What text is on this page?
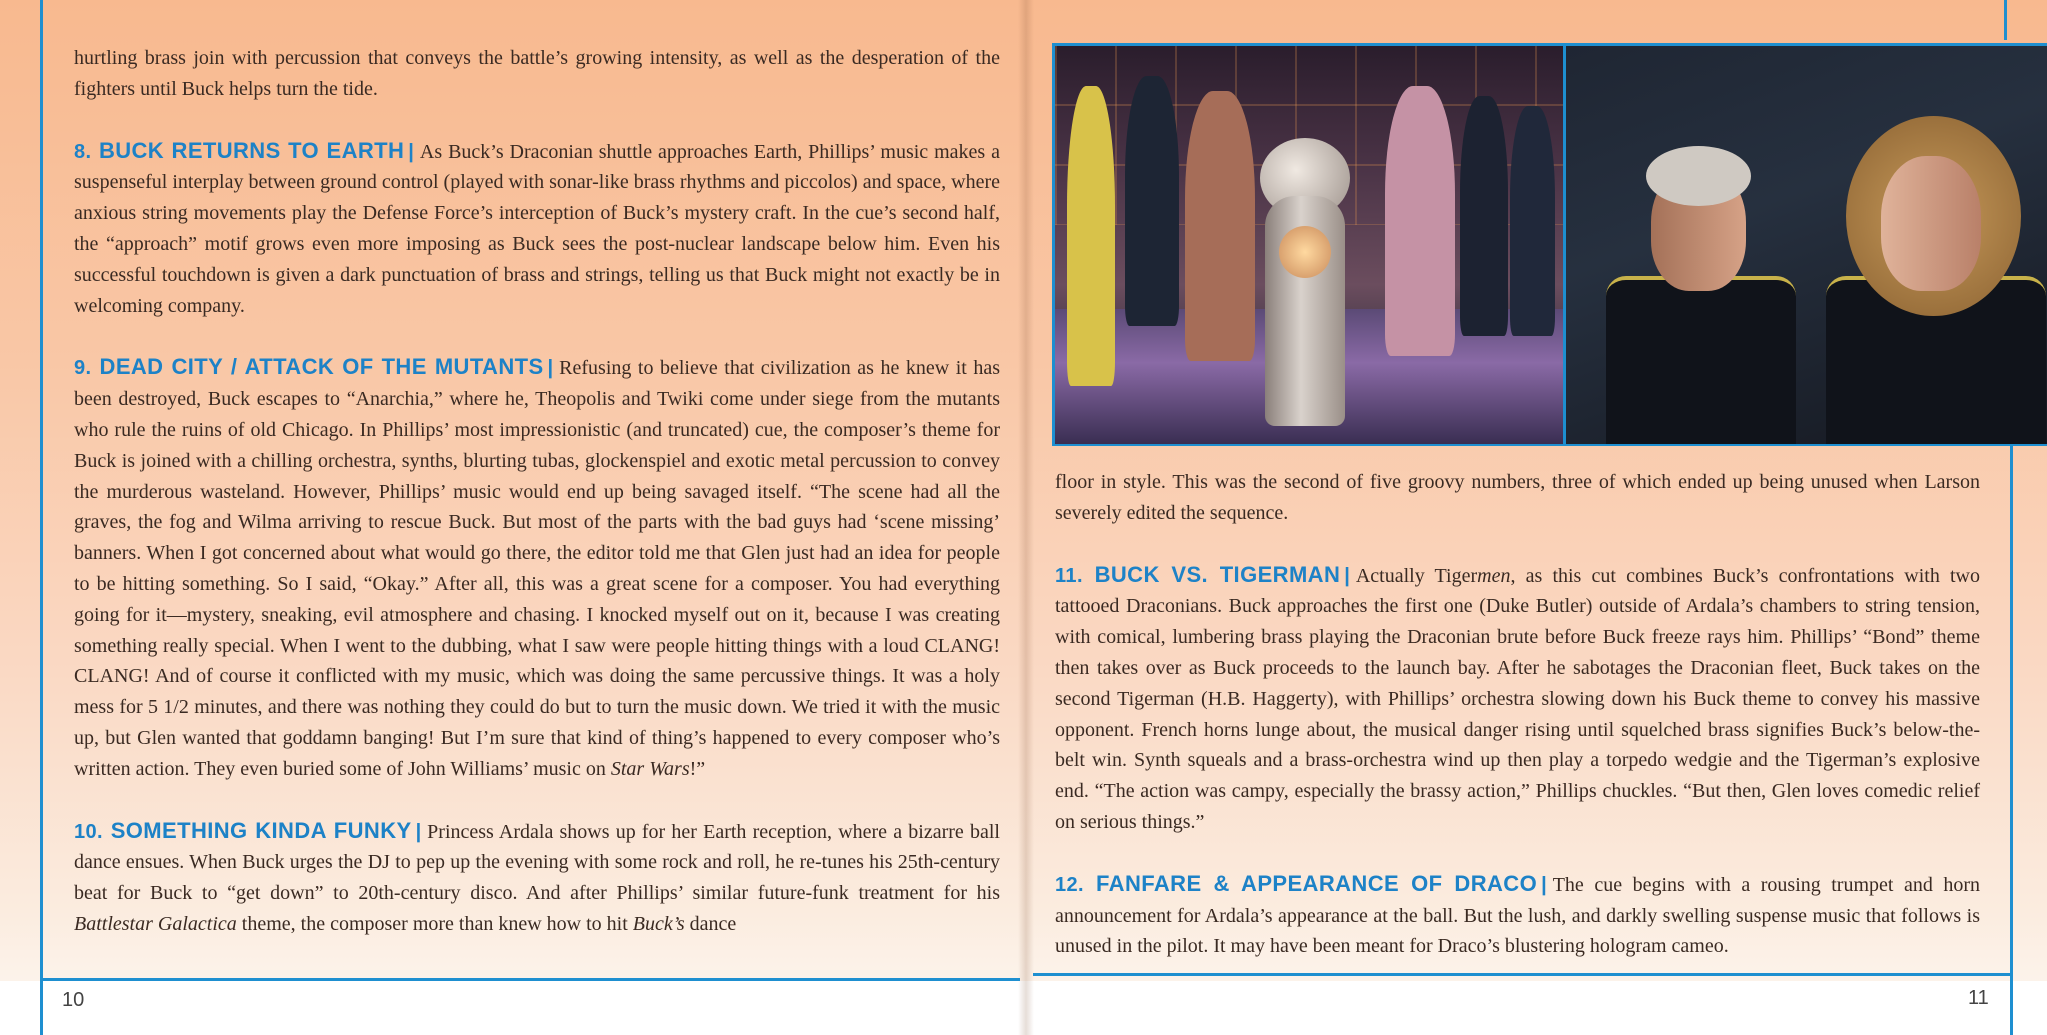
hurtling brass join with percussion that conveys the battle’s growing intensity, as well as the desperation of the fighters until Buck helps turn the tide.

8. BUCK RETURNS TO EARTH | As Buck’s Draconian shuttle approaches Earth, Phillips’ music makes a suspenseful interplay between ground control (played with sonar-like brass rhythms and piccolos) and space, where anxious string movements play the Defense Force’s interception of Buck’s mystery craft. In the cue’s second half, the “approach” motif grows even more imposing as Buck sees the post-nuclear landscape below him. Even his successful touchdown is given a dark punctuation of brass and strings, telling us that Buck might not exactly be in welcoming company.

9. DEAD CITY / ATTACK OF THE MUTANTS | Refusing to believe that civilization as he knew it has been destroyed, Buck escapes to “Anarchia,” where he, Theopolis and Twiki come under siege from the mutants who rule the ruins of old Chicago. In Phillips’ most impressionistic (and truncated) cue, the composer’s theme for Buck is joined with a chilling orchestra, synths, blurting tubas, glockenspiel and exotic metal percussion to convey the murderous wasteland. However, Phillips’ music would end up being savaged itself. “The scene had all the graves, the fog and Wilma arriving to rescue Buck. But most of the parts with the bad guys had ‘scene missing’ banners. When I got concerned about what would go there, the editor told me that Glen just had an idea for people to be hitting something. So I said, “Okay.” After all, this was a great scene for a composer. You had everything going for it—mystery, sneaking, evil atmosphere and chasing. I knocked myself out on it, because I was creating something really special. When I went to the dubbing, what I saw were people hitting things with a loud CLANG! CLANG! And of course it conflicted with my music, which was doing the same percussive things. It was a holy mess for 5 1/2 minutes, and there was nothing they could do but to turn the music down. We tried it with the music up, but Glen wanted that goddamn banging! But I’m sure that kind of thing’s happened to every composer who’s written action. They even buried some of John Williams’ music on Star Wars!”

10. SOMETHING KINDA FUNKY | Princess Ardala shows up for her Earth reception, where a bizarre ball dance ensues. When Buck urges the DJ to pep up the evening with some rock and roll, he re-tunes his 25th-century beat for Buck to “get down” to 20th-century disco. And after Phillips’ similar future-funk treatment for his Battlestar Galactica theme, the composer more than knew how to hit Buck’s dance

10

floor in style. This was the second of five groovy numbers, three of which ended up being unused when Larson severely edited the sequence.

11. BUCK VS. TIGERMAN | Actually Tigermen, as this cut combines Buck’s confrontations with two tattooed Draconians. Buck approaches the first one (Duke Butler) outside of Ardala’s chambers to string tension, with comical, lumbering brass playing the Draconian brute before Buck freeze rays him. Phillips’ “Bond” theme then takes over as Buck proceeds to the launch bay. After he sabotages the Draconian fleet, Buck takes on the second Tigerman (H.B. Haggerty), with Phillips’ orchestra slowing down his Buck theme to convey his massive opponent. French horns lunge about, the musical danger rising until squelched brass signifies Buck’s below-the-belt win. Synth squeals and a brass-orchestra wind up then play a torpedo wedgie and the Tigerman’s explosive end. “The action was campy, especially the brassy action,” Phillips chuckles. “But then, Glen loves comedic relief on serious things.”

12. FANFARE & APPEARANCE OF DRACO | The cue begins with a rousing trumpet and horn announcement for Ardala’s appearance at the ball. But the lush, and darkly swelling suspense music that follows is unused in the pilot. It may have been meant for Draco’s blustering hologram cameo.

11
